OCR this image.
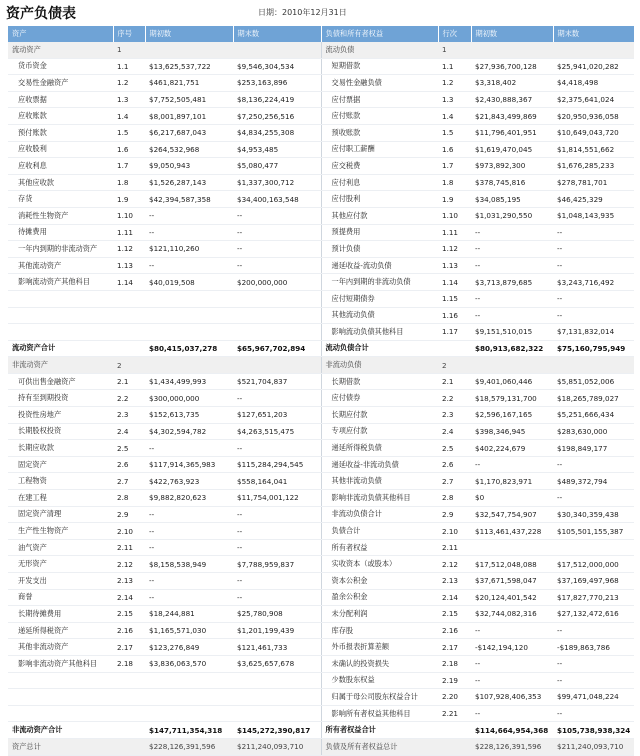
资产负债表	日期：2010年12月31日
资产	序号	期初数	期末数	负债和所有者权益	行次	期初数	期末数
流动资产	1			流动负债	1		
货币资金	1.1	$13,625,537,722	$9,546,304,534	短期借款	1.1	$27,936,700,128	$25,941,020,282
交易性金融资产	1.2	$461,821,751	$253,163,896	交易性金融负债	1.2	$3,318,402	$4,418,498
应收票据	1.3	$7,752,505,481	$8,136,224,419	应付票据	1.3	$2,430,888,367	$2,375,641,024
应收账款	1.4	$8,001,897,101	$7,250,256,516	应付账款	1.4	$21,843,499,869	$20,950,936,058
预付账款	1.5	$6,217,687,043	$4,834,255,308	预收账款	1.5	$11,796,401,951	$10,649,043,720
应收股利	1.6	$264,532,968	$4,953,485	应付职工薪酬	1.6	$1,619,470,045	$1,814,551,662
应收利息	1.7	$9,050,943	$5,080,477	应交税费	1.7	$973,892,300	$1,676,285,233
其他应收款	1.8	$1,526,287,143	$1,337,300,712	应付利息	1.8	$378,745,816	$278,781,701
存货	1.9	$42,394,587,358	$34,400,163,548	应付股利	1.9	$34,085,195	$46,425,329
消耗性生物资产	1.10	--	--	其他应付款	1.10	$1,031,290,550	$1,048,143,935
待摊费用	1.11	--	--	预提费用	1.11	--	--
一年内到期的非流动资产	1.12	$121,110,260	--	预计负债	1.12	--	--
其他流动资产	1.13	--	--	递延收益-流动负债	1.13	--	--
影响流动资产其他科目	1.14	$40,019,508	$200,000,000	一年内到期的非流动负债	1.14	$3,713,879,685	$3,243,716,492
				应付短期债券	1.15	--	--
				其他流动负债	1.16	--	--
				影响流动负债其他科目	1.17	$9,151,510,015	$7,131,832,014
流动资产合计		$80,415,037,278	$65,967,702,894	流动负债合计		$80,913,682,322	$75,160,795,949
非流动资产	2			非流动负债	2		
可供出售金融资产	2.1	$1,434,499,993	$521,704,837	长期借款	2.1	$9,401,060,446	$5,851,052,006
持有至到期投资	2.2	$300,000,000	--	应付债券	2.2	$18,579,131,700	$18,265,789,027
投资性房地产	2.3	$152,613,735	$127,651,203	长期应付款	2.3	$2,596,167,165	$5,251,666,434
长期股权投资	2.4	$4,302,594,782	$4,263,515,475	专项应付款	2.4	$398,346,945	$283,630,000
长期应收款	2.5	--	--	递延所得税负债	2.5	$402,224,679	$198,849,177
固定资产	2.6	$117,914,365,983	$115,284,294,545	递延收益-非流动负债	2.6	--	--
工程物资	2.7	$422,763,923	$558,164,041	其他非流动负债	2.7	$1,170,823,971	$489,372,794
在建工程	2.8	$9,882,820,623	$11,754,001,122	影响非流动负债其他科目	2.8	$0	--
固定资产清理	2.9	--	--	非流动负债合计	2.9	$32,547,754,907	$30,340,359,438
生产性生物资产	2.10	--	--	负债合计	2.10	$113,461,437,228	$105,501,155,387
油气资产	2.11	--	--	所有者权益	2.11		
无形资产	2.12	$8,158,538,949	$7,788,959,837	实收资本（或股本）	2.12	$17,512,048,088	$17,512,000,000
开发支出	2.13	--	--	资本公积金	2.13	$37,671,598,047	$37,169,497,968
商誉	2.14	--	--	盈余公积金	2.14	$20,124,401,542	$17,827,770,213
长期待摊费用	2.15	$18,244,881	$25,780,908	未分配利润	2.15	$32,744,082,316	$27,132,472,616
递延所得税资产	2.16	$1,165,571,030	$1,201,199,439	库存股	2.16	--	--
其他非流动资产	2.17	$123,276,849	$121,461,733	外币报表折算差额	2.17	-$142,194,120	-$189,863,786
影响非流动资产其他科目	2.18	$3,836,063,570	$3,625,657,678	未确认的投资损失	2.18	--	--
				少数股东权益	2.19	--	--
				归属于母公司股东权益合计	2.20	$107,928,406,353	$99,471,048,224
				影响所有者权益其他科目	2.21	--	--
非流动资产合计		$147,711,354,318	$145,272,390,817	所有者权益合计		$114,664,954,368	$105,738,938,324
资产总计		$228,126,391,596	$211,240,093,710	负债及所有者权益总计		$228,126,391,596	$211,240,093,710
